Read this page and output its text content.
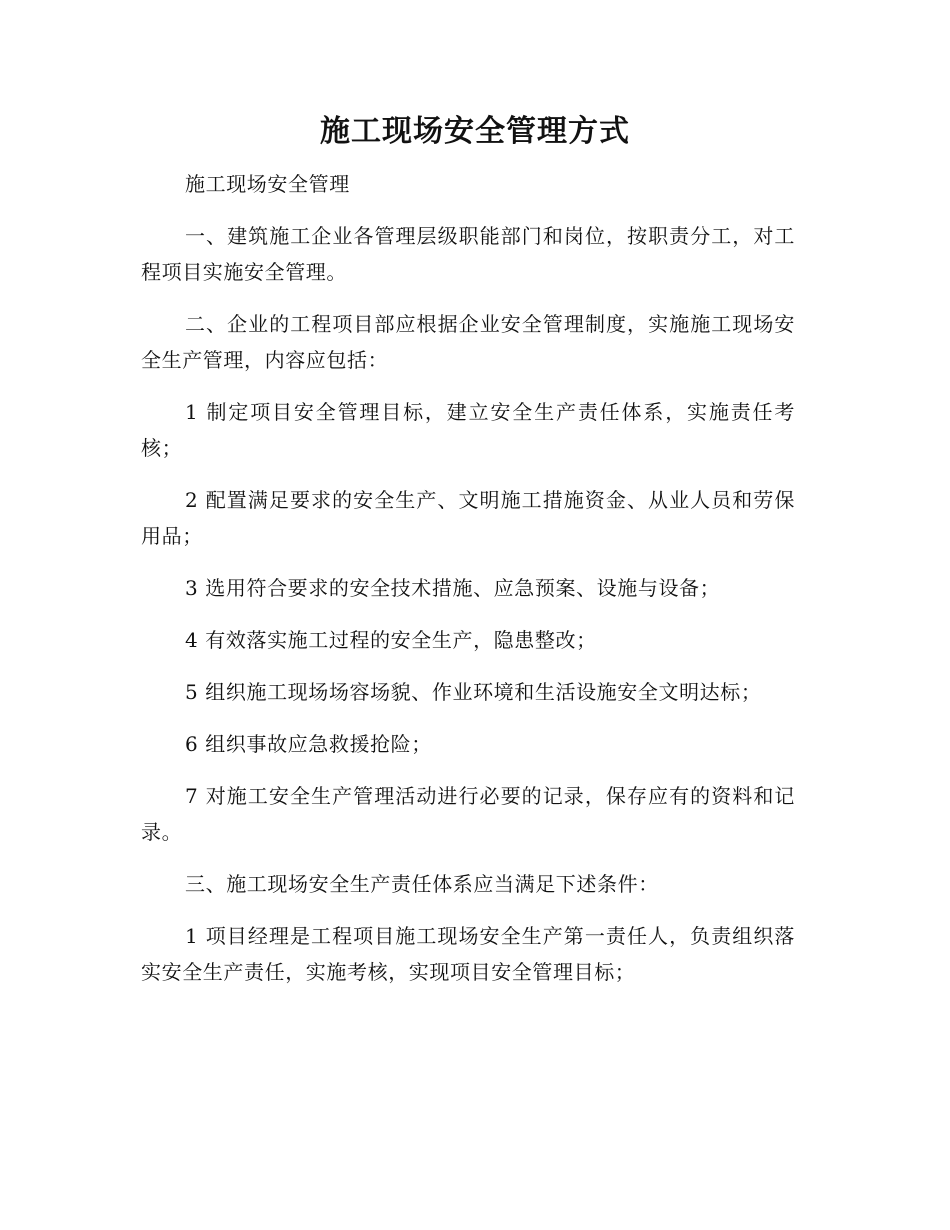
施工现场安全管理方式

施工现场安全管理

一、建筑施工企业各管理层级职能部门和岗位，按职责分工，对工程项目实施安全管理。

二、企业的工程项目部应根据企业安全管理制度，实施施工现场安全生产管理，内容应包括：

1 制定项目安全管理目标，建立安全生产责任体系，实施责任考核；

2 配置满足要求的安全生产、文明施工措施资金、从业人员和劳保用品；

3 选用符合要求的安全技术措施、应急预案、设施与设备；

4 有效落实施工过程的安全生产，隐患整改；

5 组织施工现场场容场貌、作业环境和生活设施安全文明达标；

6 组织事故应急救援抢险；

7 对施工安全生产管理活动进行必要的记录，保存应有的资料和记录。

三、施工现场安全生产责任体系应当满足下述条件：

1 项目经理是工程项目施工现场安全生产第一责任人，负责组织落实安全生产责任，实施考核，实现项目安全管理目标；
